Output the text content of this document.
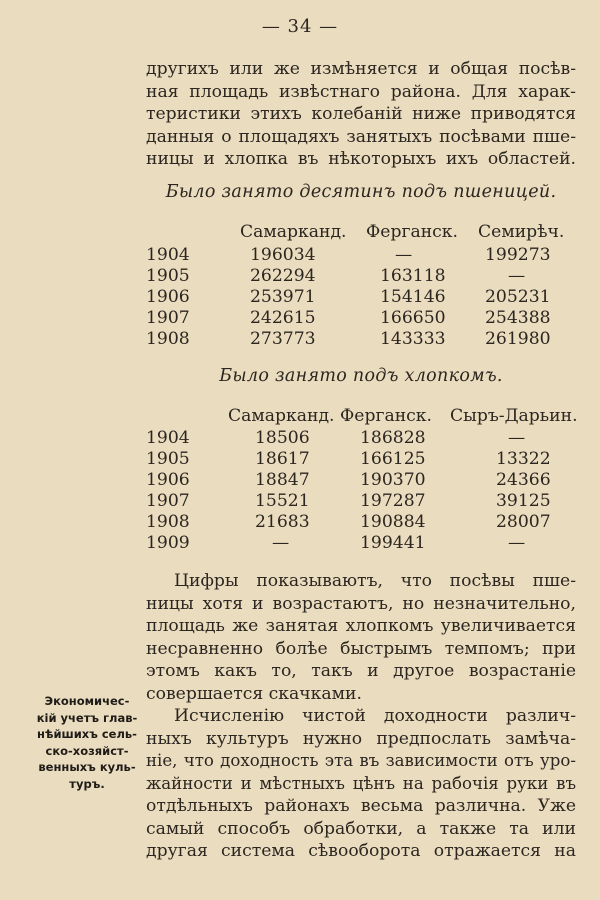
— 34 —
другихъ или же измѣняется и общая посѣв-
ная площадь извѣстнаго района. Для харак-
теристики этихъ колебаній ниже приводятся
данныя о площадяхъ занятыхъ посѣвами пше-
ницы и хлопка въ нѣкоторыхъ ихъ областей.
Было занято десятинъ подъ пшеницей.
Самарканд. Ферганск. Семирѣч.
1904	196034	—	199273
1905	262294	163118	—
1906	253971	154146 205231
1907	242615	166650 254388
1908	273773	143333 261980
Было занято подъ хлопкомъ.
Самарканд. Ферганск. Сыръ-Дарьин.
1904	18506	186828	—
1905	18617	166125	13322
1906	18847	190370	24366
1907	15521	197287	39125
1908	21683	190884	28007
1909	—	199441	—
Цифры показываютъ, что посѣвы пше-
ницы хотя и возрастаютъ, но незначительно,
площадь же занятая хлопкомъ увеличивается
несравненно болѣе быстрымъ темпомъ; при
этомъ какъ то, такъ и другое возрастаніе
совершается скачками.
Экономичес-
кій учетъ глав-
нѣйшихъ сель-
ско-хозяйст-
венныхъ куль-
туръ.
Исчисленію чистой доходности различ-
ныхъ культуръ нужно предпослать замѣча-
ніе, что доходность эта въ зависимости отъ уро-
жайности и мѣстныхъ цѣнъ на рабочія руки въ
отдѣльныхъ районахъ весьма различна. Уже
самый способъ обработки, а также та или
другая система сѣвооборота отражается на
